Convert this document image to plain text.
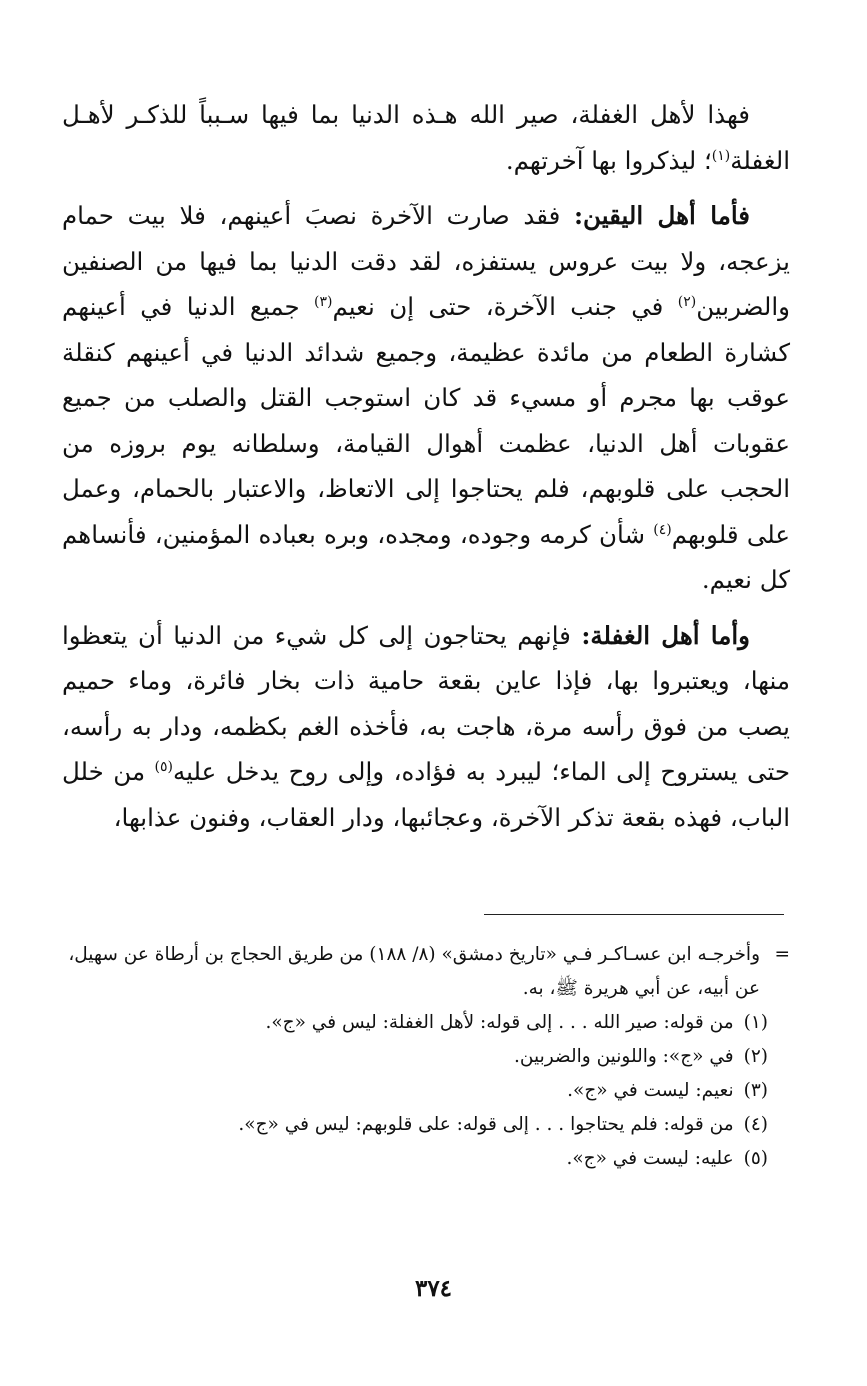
فهذا لأهل الغفلة، صير الله هـذه الدنيا بما فيها سـبباً للذكـر لأهـل الغفلة$^{(١)}$؛ ليذكروا بها آخرتهم.

فأما أهل اليقين: فقد صارت الآخرة نصبَ أعينهم، فلا بيت حمام يزعجه، ولا بيت عروس يستفزه، لقد دقت الدنيا بما فيها من الصنفين والضربين$^{(٢)}$ في جنب الآخرة، حتى إن نعيم$^{(٣)}$ جميع الدنيا في أعينهم كشارة الطعام من مائدة عظيمة، وجميع شدائد الدنيا في أعينهم كنقلة عوقب بها مجرم أو مسيء قد كان استوجب القتل والصلب من جميع عقوبات أهل الدنيا، عظمت أهوال القيامة، وسلطانه يوم بروزه من الحجب على قلوبهم، فلم يحتاجوا إلى الاتعاظ، والاعتبار بالحمام، وعمل على قلوبهم$^{(٤)}$ شأن كرمه وجوده، ومجده، وبره بعباده المؤمنين، فأنساهم كل نعيم.

وأما أهل الغفلة: فإنهم يحتاجون إلى كل شيء من الدنيا أن يتعظوا منها، ويعتبروا بها، فإذا عاين بقعة حامية ذات بخار فائرة، وماء حميم يصب من فوق رأسه مرة، هاجت به، فأخذه الغم بكظمه، ودار به رأسه، حتى يستروح إلى الماء؛ ليبرد به فؤاده، وإلى روح يدخل عليه$^{(٥)}$ من خلل الباب، فهذه بقعة تذكر الآخرة، وعجائبها، ودار العقاب، وفنون عذابها،

=
وأخرجـه ابن عسـاكـر فـي «تاريخ دمشق» (٨/ ١٨٨) من طريق الحجاج بن أرطاة عن سهيل، عن أبيه، عن أبي هريرة ﷺ، به.
(١)من قوله: صير الله . . . إلى قوله: لأهل الغفلة: ليس في «ج».
(٢)في «ج»: واللونين والضربين.
(٣)نعيم: ليست في «ج».
(٤)من قوله: فلم يحتاجوا . . . إلى قوله: على قلوبهم: ليس في «ج».
(٥)عليه: ليست في «ج».
٣٧٤
